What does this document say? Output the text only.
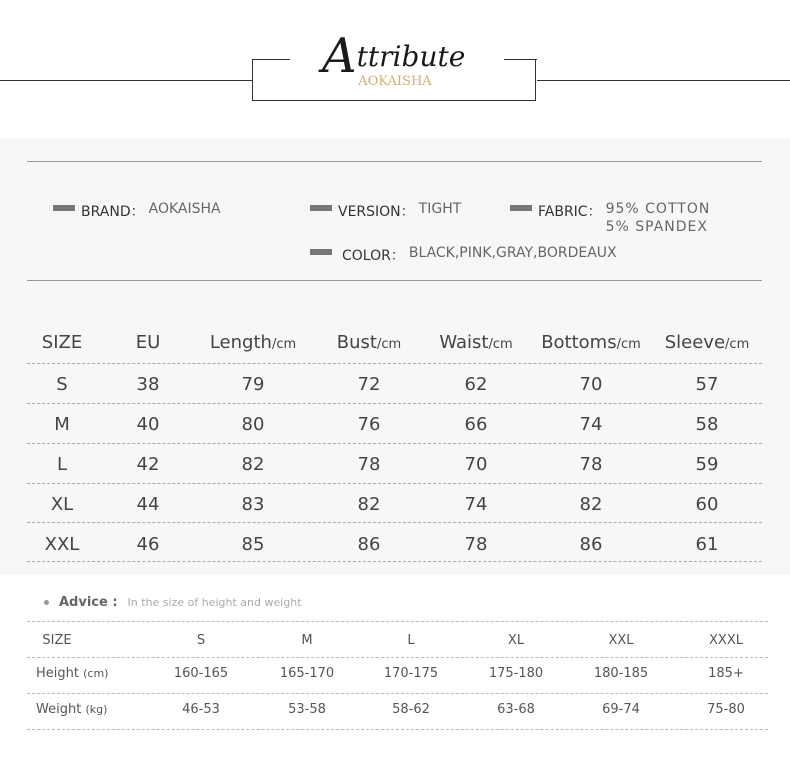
Attribute
AOKAISHA
BRAND： AOKAISHA	VERSION： TIGHT	FABRIC： 95% COTTON
5% SPANDEX
COLOR： BLACK,PINK,GRAY,BORDEAUX
SIZE	EU	Length/cm	Bust/cm	Waist/cm	Bottoms/cm	Sleeve/cm
S	38	79	72	62	70	57
M	40	80	76	66	74	58
L	42	82	78	70	78	59
XL	44	83	82	74	82	60
XXL	46	85	86	78	86	61
Advice : In the size of height and weight
SIZE	S	M	L	XL	XXL	XXXL
Height (cm)	160-165	165-170	170-175	175-180	180-185	185+
Weight (kg)	46-53	53-58	58-62	63-68	69-74	75-80
